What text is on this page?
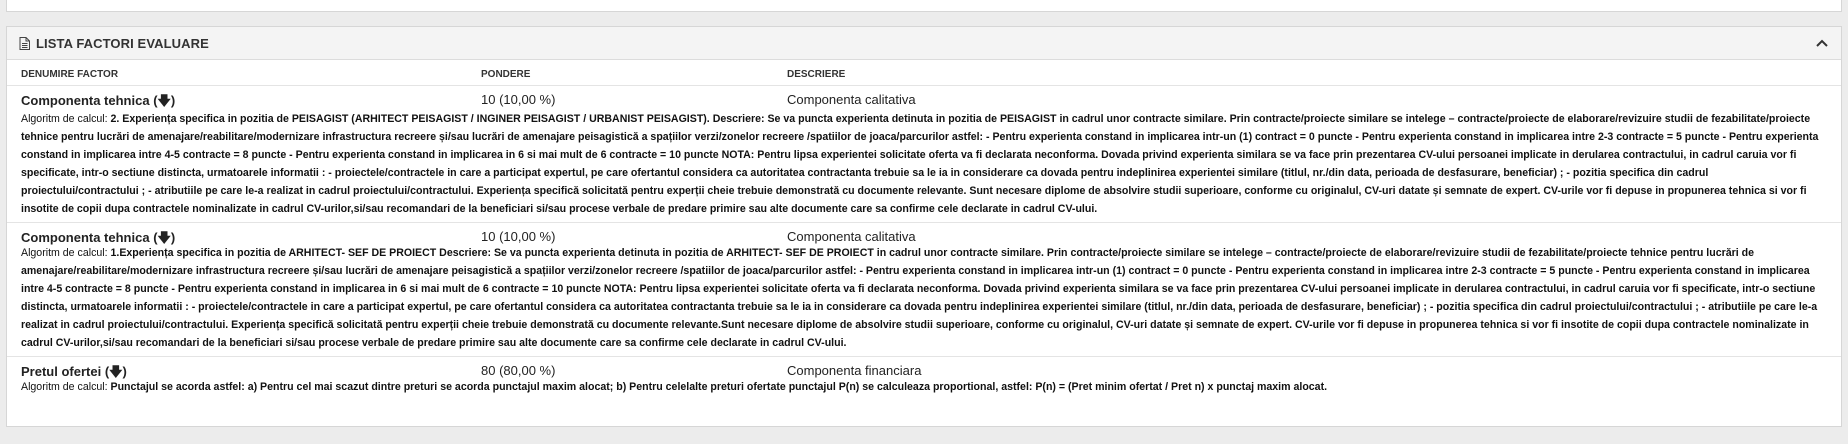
LISTA FACTORI EVALUARE
DENUMIRE FACTOR	PONDERE	DESCRIERE
Componenta tehnica (🡇)	10 (10,00 %)	Componenta calitativa
Algoritm de calcul: 2. Experiența specifica in pozitia de PEISAGIST (ARHITECT PEISAGIST / INGINER PEISAGIST / URBANIST PEISAGIST). Descriere: Se va puncta experienta detinuta in pozitia de PEISAGIST in cadrul unor contracte similare. Prin contracte/proiecte similare se intelege – contracte/proiecte de elaborare/revizuire studii de fezabilitate/proiecte tehnice pentru lucrări de amenajare/reabilitare/modernizare infrastructura recreere și/sau lucrări de amenajare peisagistică a spațiilor verzi/zonelor recreere /spatiilor de joaca/parcurilor astfel: - Pentru experienta constand in implicarea intr-un (1) contract = 0 puncte - Pentru experienta constand in implicarea intre 2-3 contracte = 5 puncte - Pentru experienta constand in implicarea intre 4-5 contracte = 8 puncte - Pentru experienta constand in implicarea in 6 si mai mult de 6 contracte = 10 puncte NOTA: Pentru lipsa experientei solicitate oferta va fi declarata neconforma. Dovada privind experienta similara se va face prin prezentarea CV-ului persoanei implicate in derularea contractului, in cadrul caruia vor fi specificate, intr-o sectiune distincta, urmatoarele informatii : - proiectele/contractele in care a participat expertul, pe care ofertantul considera ca autoritatea contractanta trebuie sa le ia in considerare ca dovada pentru indeplinirea experientei similare (titlul, nr./din data, perioada de desfasurare, beneficiar) ; - pozitia specifica din cadrul proiectului/contractului ; - atributiile pe care le-a realizat in cadrul proiectului/contractului. Experiența specifică solicitată pentru experții cheie trebuie demonstrată cu documente relevante. Sunt necesare diplome de absolvire studii superioare, conforme cu originalul, CV-uri datate și semnate de expert. CV-urile vor fi depuse in propunerea tehnica si vor fi insotite de copii dupa contractele nominalizate in cadrul CV-urilor,si/sau recomandari de la beneficiari si/sau procese verbale de predare primire sau alte documente care sa confirme cele declarate in cadrul CV-ului.
Componenta tehnica (🡇)	10 (10,00 %)	Componenta calitativa
Algoritm de calcul: 1.Experiența specifica in pozitia de ARHITECT- SEF DE PROIECT Descriere: Se va puncta experienta detinuta in pozitia de ARHITECT- SEF DE PROIECT in cadrul unor contracte similare. Prin contracte/proiecte similare se intelege – contracte/proiecte de elaborare/revizuire studii de fezabilitate/proiecte tehnice pentru lucrări de amenajare/reabilitare/modernizare infrastructura recreere și/sau lucrări de amenajare peisagistică a spațiilor verzi/zonelor recreere /spatiilor de joaca/parcurilor astfel: - Pentru experienta constand in implicarea intr-un (1) contract = 0 puncte - Pentru experienta constand in implicarea intre 2-3 contracte = 5 puncte - Pentru experienta constand in implicarea intre 4-5 contracte = 8 puncte - Pentru experienta constand in implicarea in 6 si mai mult de 6 contracte = 10 puncte NOTA: Pentru lipsa experientei solicitate oferta va fi declarata neconforma. Dovada privind experienta similara se va face prin prezentarea CV-ului persoanei implicate in derularea contractului, in cadrul caruia vor fi specificate, intr-o sectiune distincta, urmatoarele informatii : - proiectele/contractele in care a participat expertul, pe care ofertantul considera ca autoritatea contractanta trebuie sa le ia in considerare ca dovada pentru indeplinirea experientei similare (titlul, nr./din data, perioada de desfasurare, beneficiar) ; - pozitia specifica din cadrul proiectului/contractului ; - atributiile pe care le-a realizat in cadrul proiectului/contractului. Experiența specifică solicitată pentru experții cheie trebuie demonstrată cu documente relevante.Sunt necesare diplome de absolvire studii superioare, conforme cu originalul, CV-uri datate și semnate de expert. CV-urile vor fi depuse in propunerea tehnica si vor fi insotite de copii dupa contractele nominalizate in cadrul CV-urilor,si/sau recomandari de la beneficiari si/sau procese verbale de predare primire sau alte documente care sa confirme cele declarate in cadrul CV-ului.
Pretul ofertei (🡇)	80 (80,00 %)	Componenta financiara
Algoritm de calcul: Punctajul se acorda astfel: a) Pentru cel mai scazut dintre preturi se acorda punctajul maxim alocat; b) Pentru celelalte preturi ofertate punctajul P(n) se calculeaza proportional, astfel: P(n) = (Pret minim ofertat / Pret n) x punctaj maxim alocat.
